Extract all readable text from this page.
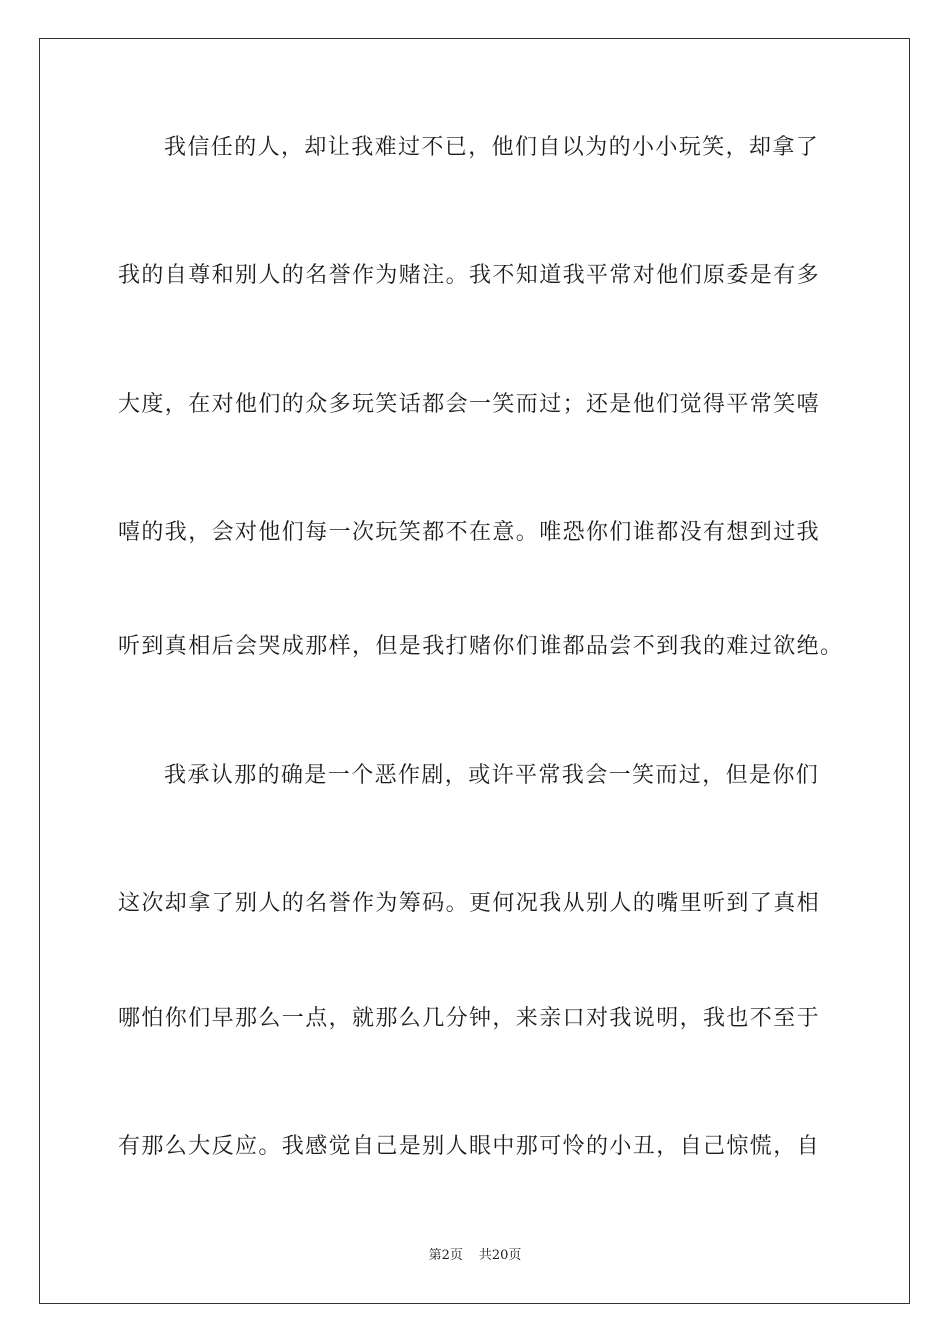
我信任的人，却让我难过不已，他们自以为的小小玩笑，却拿了
我的自尊和别人的名誉作为赌注。我不知道我平常对他们原委是有多
大度，在对他们的众多玩笑话都会一笑而过；还是他们觉得平常笑嘻
嘻的我，会对他们每一次玩笑都不在意。唯恐你们谁都没有想到过我
听到真相后会哭成那样，但是我打赌你们谁都品尝不到我的难过欲绝。
我承认那的确是一个恶作剧，或许平常我会一笑而过，但是你们
这次却拿了别人的名誉作为筹码。更何况我从别人的嘴里听到了真相
哪怕你们早那么一点，就那么几分钟，来亲口对我说明，我也不至于
有那么大反应。我感觉自己是别人眼中那可怜的小丑，自己惊慌，自
第2页 共20页
